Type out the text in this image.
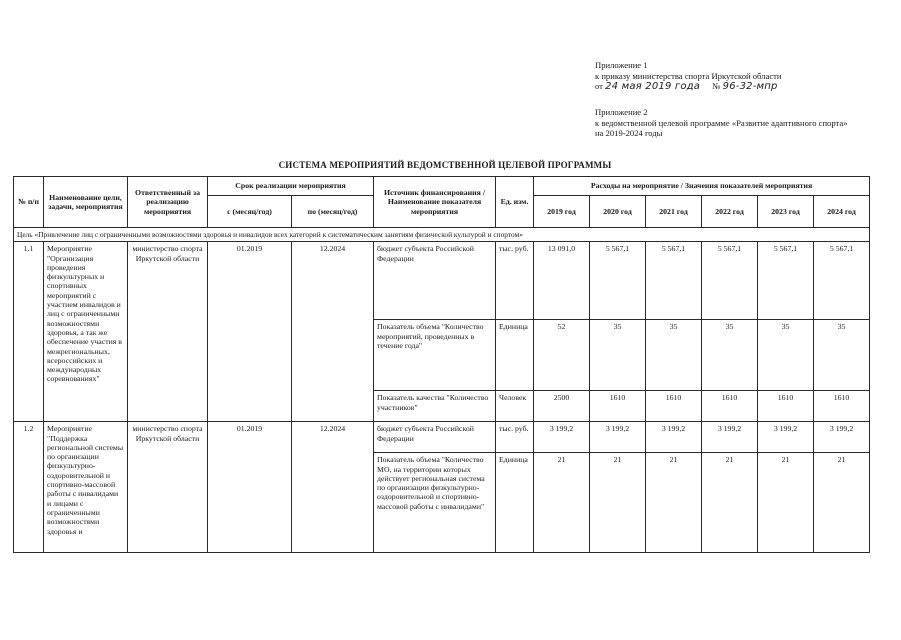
Приложение 1
к приказу министерства спорта Иркутской области
от 24 мая 2019 года № 96-32-мпр
Приложение 2
к ведомственной целевой программе «Развитие адаптивного спорта»
на 2019-2024 годы
СИСТЕМА МЕРОПРИЯТИЙ ВЕДОМСТВЕННОЙ ЦЕЛЕВОЙ ПРОГРАММЫ
№ п/п	Наименование цели, задачи, мероприятия	Ответственный за реализацию мероприятия	Срок реализации мероприятия		Источник финансирования / Наименование показателя мероприятия	Ед. изм.	Расходы на мероприятие / Значения показателей мероприятия					
			с (месяц/год)	по (месяц/год)			2019 год	2020 год	2021 год	2022 год	2023 год	2024 год
Цель «Привлечение лиц с ограниченными возможностями здоровья и инвалидов всех категорий к систематическим занятиям физической культурой и спортом»												
1.1	Мероприятие "Организация проведения физкультурных и спортивных мероприятий с участием инвалидов и лиц с ограниченными возможностями здоровья, а так же обеспечение участия в межрегиональных, всероссийских и международных соревнованиях"	министерство спорта Иркутской области	01.2019	12.2024	бюджет субъекта Российской Федерации	тыс. руб.	13 091,0	5 567,1	5 567,1	5 567,1	5 567,1	5 567,1
					Показатель объема "Количество мероприятий, проведенных в течение года"	Единица	52	35	35	35	35	35
					Показатель качества "Количество участников"	Человек	2500	1610	1610	1610	1610	1610
1.2	Мероприятие "Поддержка региональной системы по организации физкультурно-оздоровительной и спортивно-массовой работы с инвалидами и лицами с ограниченными возможностями здоровья и	министерство спорта Иркутской области	01.2019	12.2024	бюджет субъекта Российской Федерации	тыс. руб.	3 199,2	3 199,2	3 199,2	3 199,2	3 199,2	3 199,2
					Показатель объема "Количество МО, на территории которых действует региональная система по организации физкультурно-оздоровительной и спортивно-массовой работы с инвалидами"	Единица	21	21	21	21	21	21
